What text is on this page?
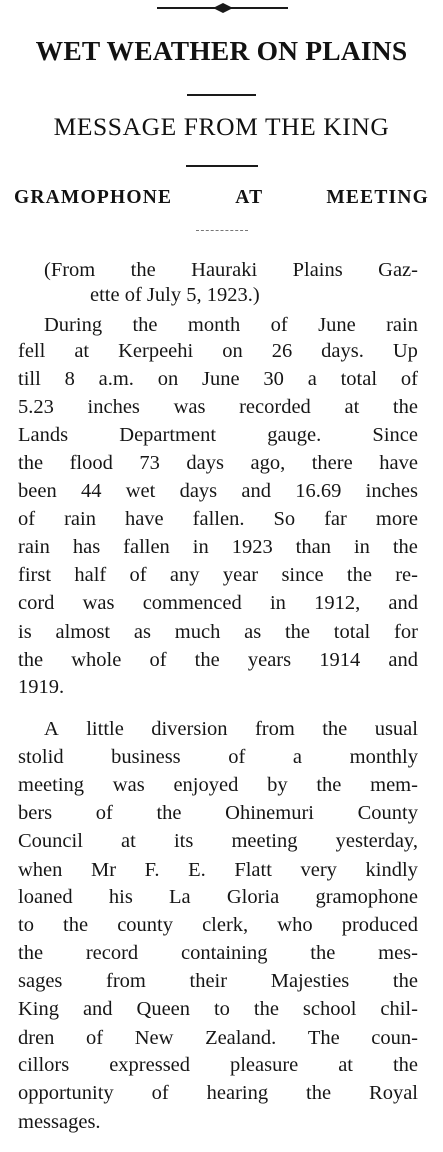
WET WEATHER ON PLAINS
MESSAGE FROM THE KING
GRAMOPHONE	AT	MEETING
(From the Hauraki Plains Gaz-
ette of July 5, 1923.)
During the month of June rain
fell at Kerpeehi on 26 days. Up
till 8 a.m. on June 30 a total of
5.23 inches was recorded at the
Lands Department gauge. Since
the flood 73 days ago, there have
been 44 wet days and 16.69 inches
of rain have fallen. So far more
rain has fallen in 1923 than in the
first half of any year since the re-
cord was commenced in 1912, and
is almost as much as the total for
the whole of the years 1914 and
1919.
A little diversion from the usual
stolid business of a monthly
meeting was enjoyed by the mem-
bers of the Ohinemuri County
Council at its meeting yesterday,
when Mr F. E. Flatt very kindly
loaned his La Gloria gramophone
to the county clerk, who produced
the record containing the mes-
sages from their Majesties the
King and Queen to the school chil-
dren of New Zealand. The coun-
cillors expressed pleasure at the
opportunity of hearing the Royal
messages.
